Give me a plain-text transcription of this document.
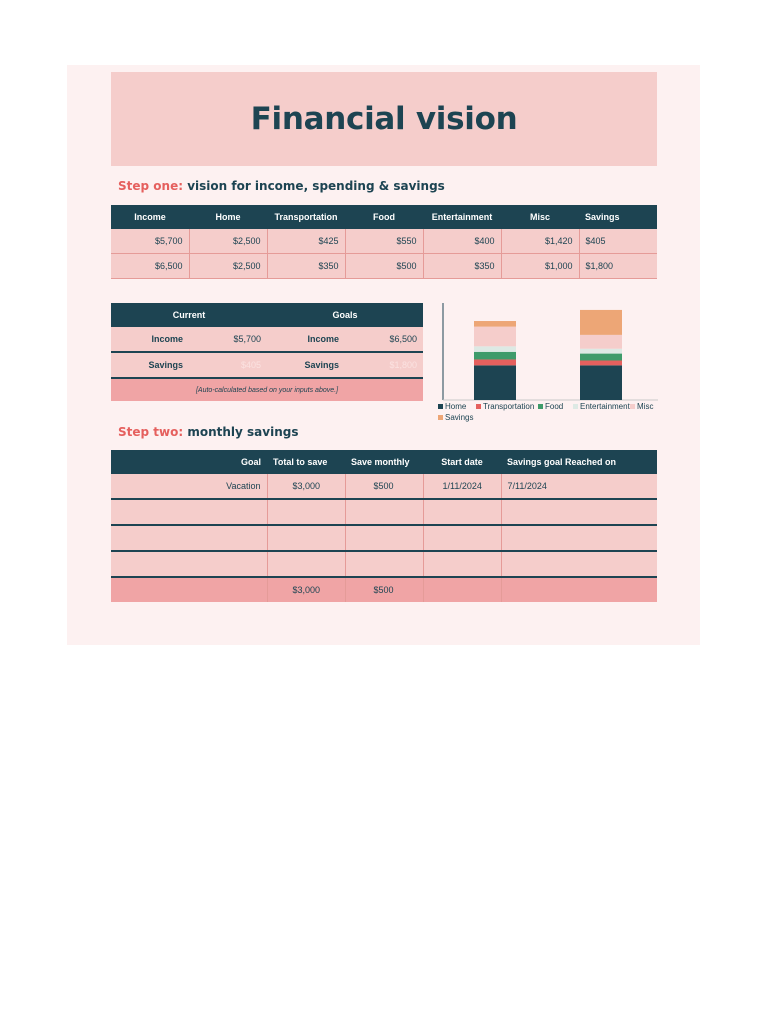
Financial vision
Step one: vision for income, spending & savings
Income	Home	Transportation	Food	Entertainment	Misc	Savings
$5,700	$2,500	$425	$550	$400	$1,420	$405
$6,500	$2,500	$350	$500	$350	$1,000	$1,800
Current		Goals	
Income	$5,700	Income	$6,500
Savings	$405	Savings	$1,800
[Auto-calculated based on your inputs above.]			
Home Transportation Food Entertainment Misc
Savings
Step two: monthly savings
Goal	Total to save	Save monthly	Start date	Savings goal Reached on
Vacation	$3,000	$500	1/11/2024	7/11/2024

	$3,000	$500		
